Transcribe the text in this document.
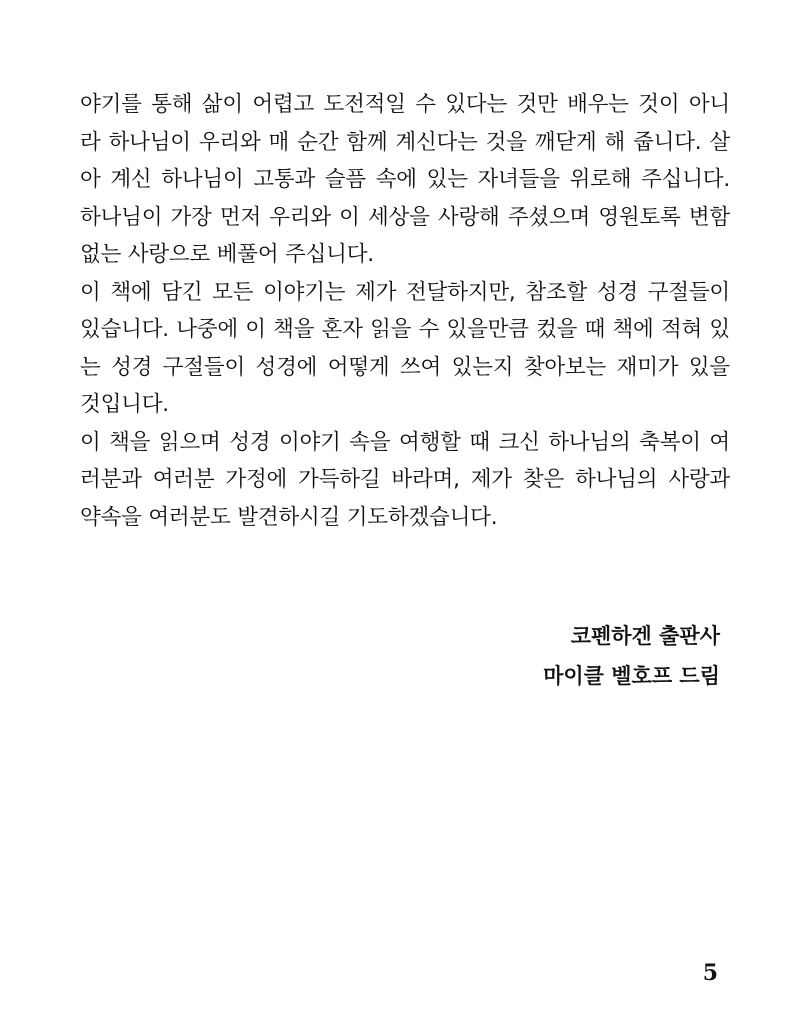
야기를 통해 삶이 어렵고 도전적일 수 있다는 것만 배우는 것이 아니
라 하나님이 우리와 매 순간 함께 계신다는 것을 깨닫게 해 줍니다. 살
아 계신 하나님이 고통과 슬픔 속에 있는 자녀들을 위로해 주십니다.
하나님이 가장 먼저 우리와 이 세상을 사랑해 주셨으며 영원토록 변함
없는 사랑으로 베풀어 주십니다.
이 책에 담긴 모든 이야기는 제가 전달하지만, 참조할 성경 구절들이
있습니다. 나중에 이 책을 혼자 읽을 수 있을만큼 컸을 때 책에 적혀 있
는 성경 구절들이 성경에 어떻게 쓰여 있는지 찾아보는 재미가 있을
것입니다.
이 책을 읽으며 성경 이야기 속을 여행할 때 크신 하나님의 축복이 여
러분과 여러분 가정에 가득하길 바라며, 제가 찾은 하나님의 사랑과
약속을 여러분도 발견하시길 기도하겠습니다.
코펜하겐 출판사
마이클 벨호프 드림
5
